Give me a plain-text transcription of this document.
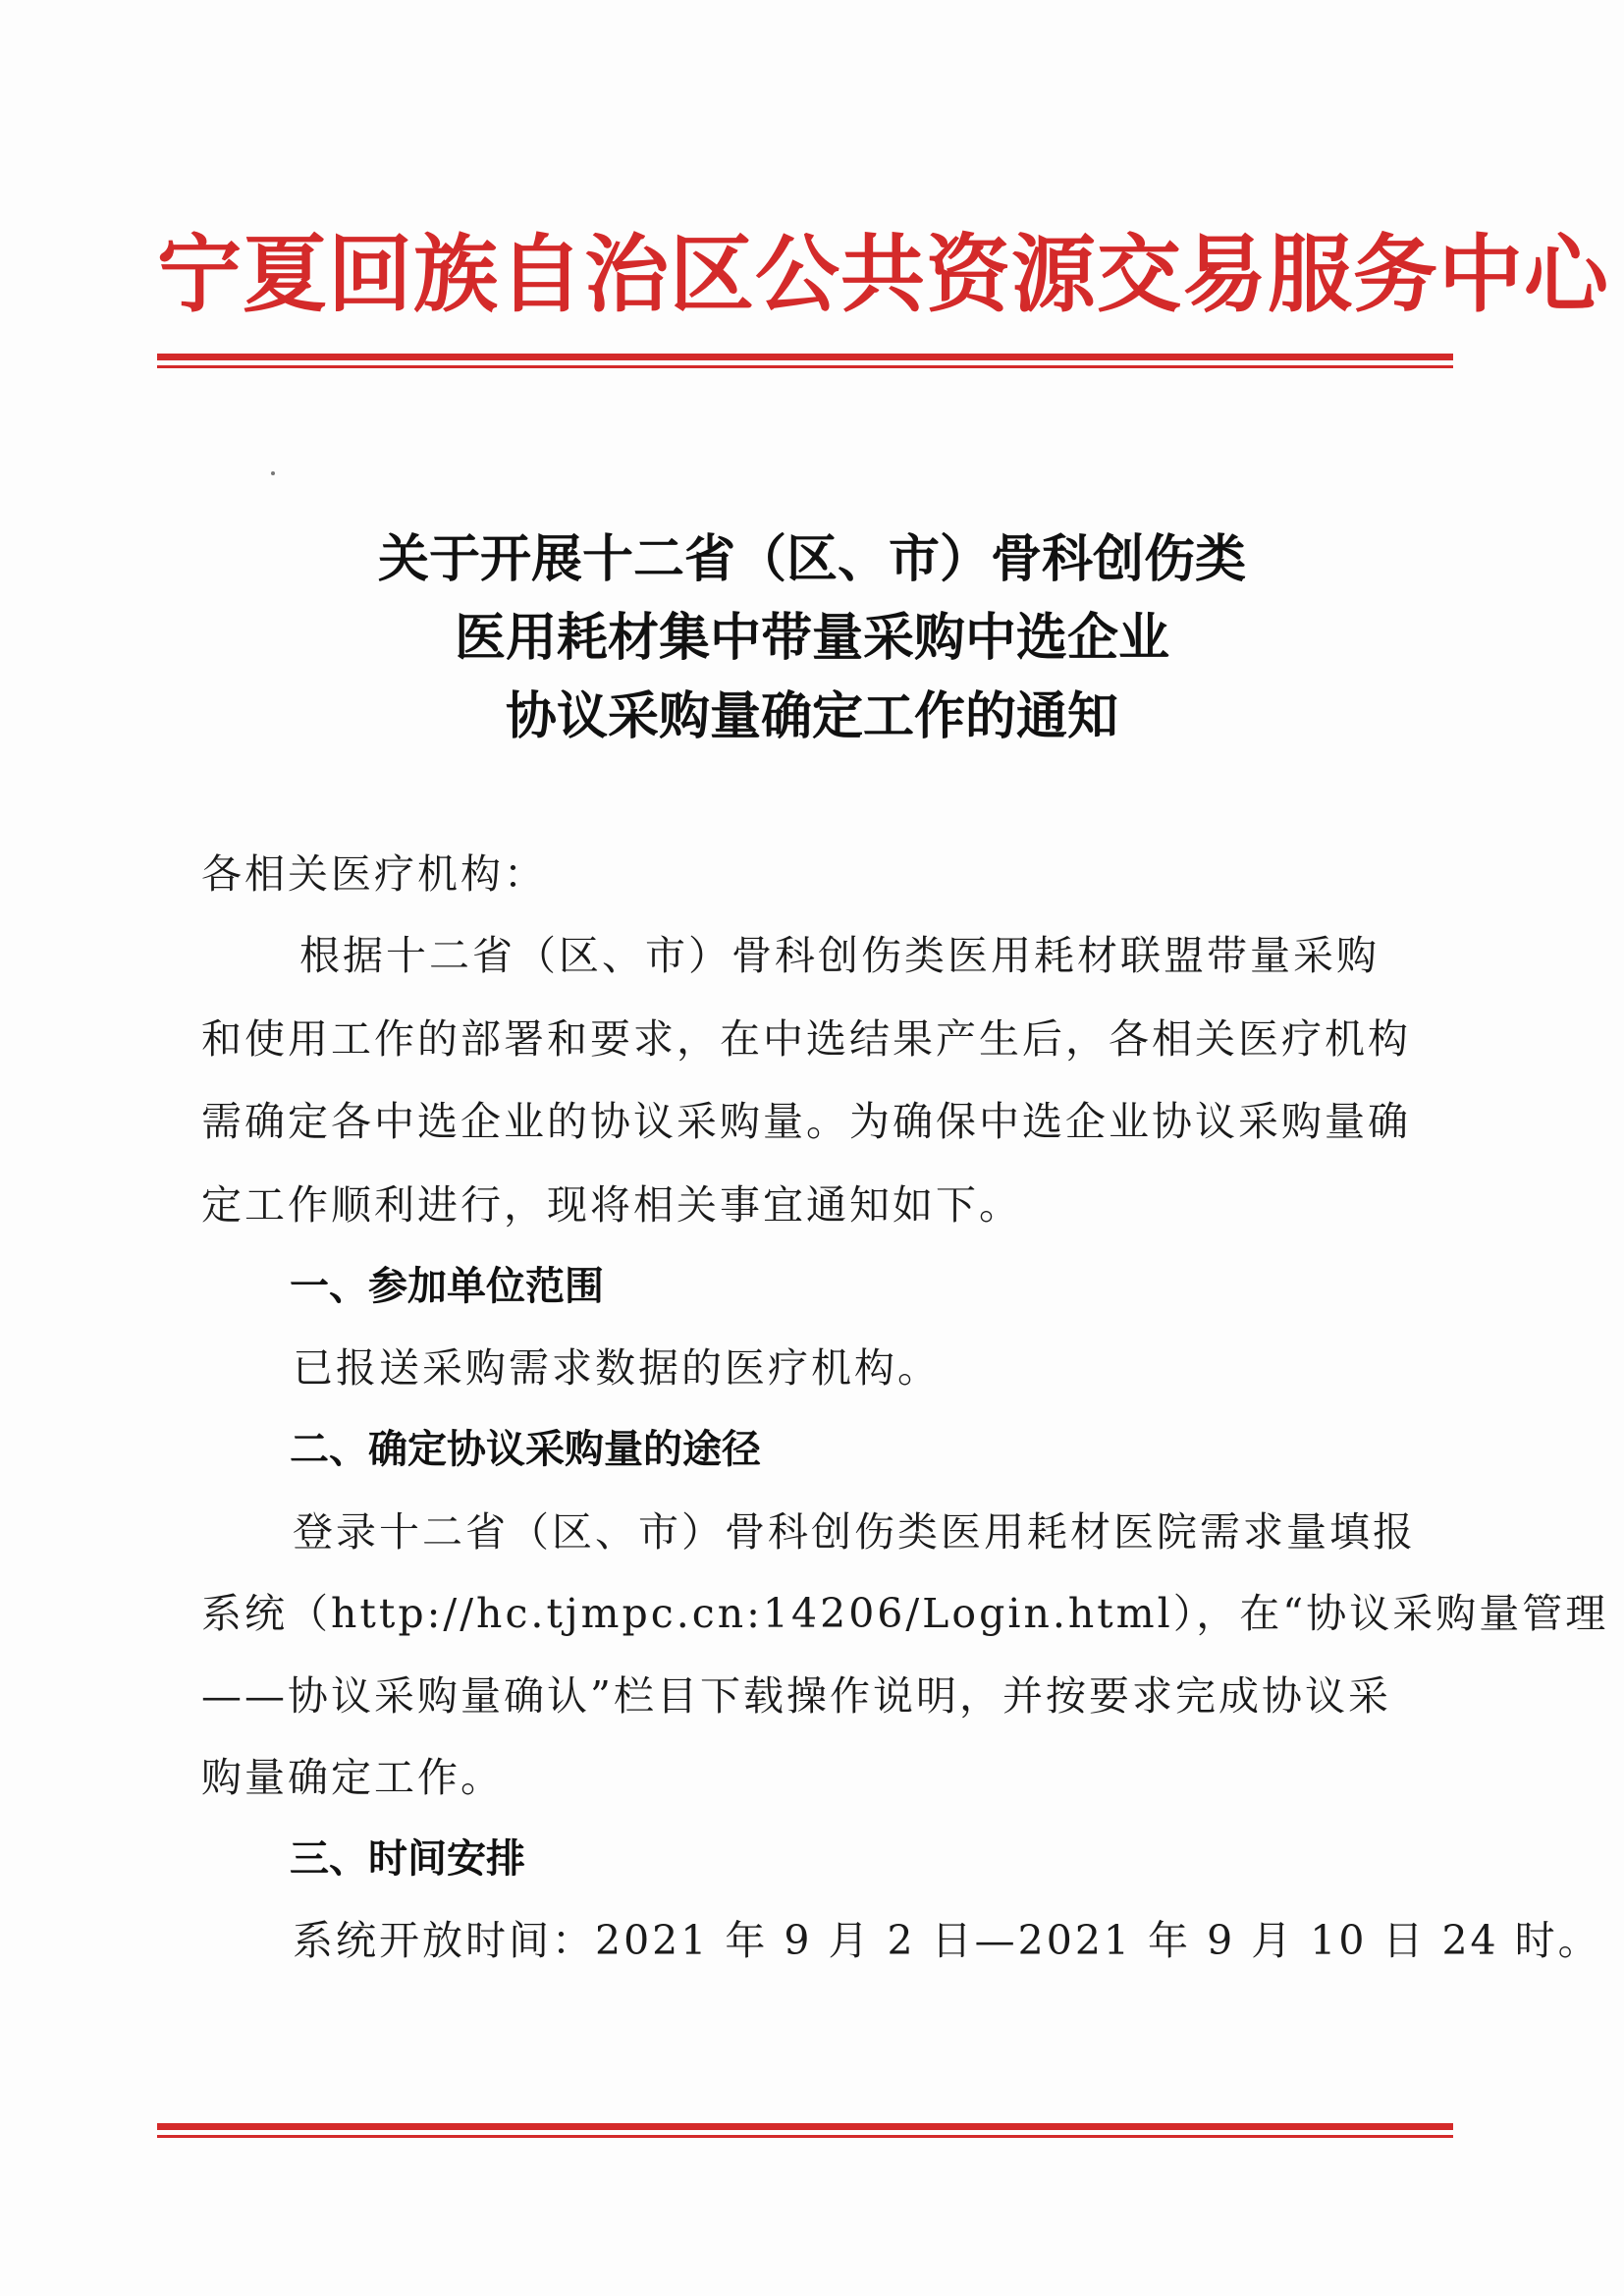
宁夏回族自治区公共资源交易服务中心
关于开展十二省（区、市）骨科创伤类
医用耗材集中带量采购中选企业
协议采购量确定工作的通知
各相关医疗机构：
根据十二省（区、市）骨科创伤类医用耗材联盟带量采购
和使用工作的部署和要求，在中选结果产生后，各相关医疗机构
需确定各中选企业的协议采购量。为确保中选企业协议采购量确
定工作顺利进行，现将相关事宜通知如下。
一、参加单位范围
已报送采购需求数据的医疗机构。
二、确定协议采购量的途径
登录十二省（区、市）骨科创伤类医用耗材医院需求量填报
系统（http://hc.tjmpc.cn:14206/Login.html），在“协议采购量管理
——协议采购量确认”栏目下载操作说明，并按要求完成协议采
购量确定工作。
三、时间安排
系统开放时间：2021 年 9 月 2 日—2021 年 9 月 10 日 24 时。
